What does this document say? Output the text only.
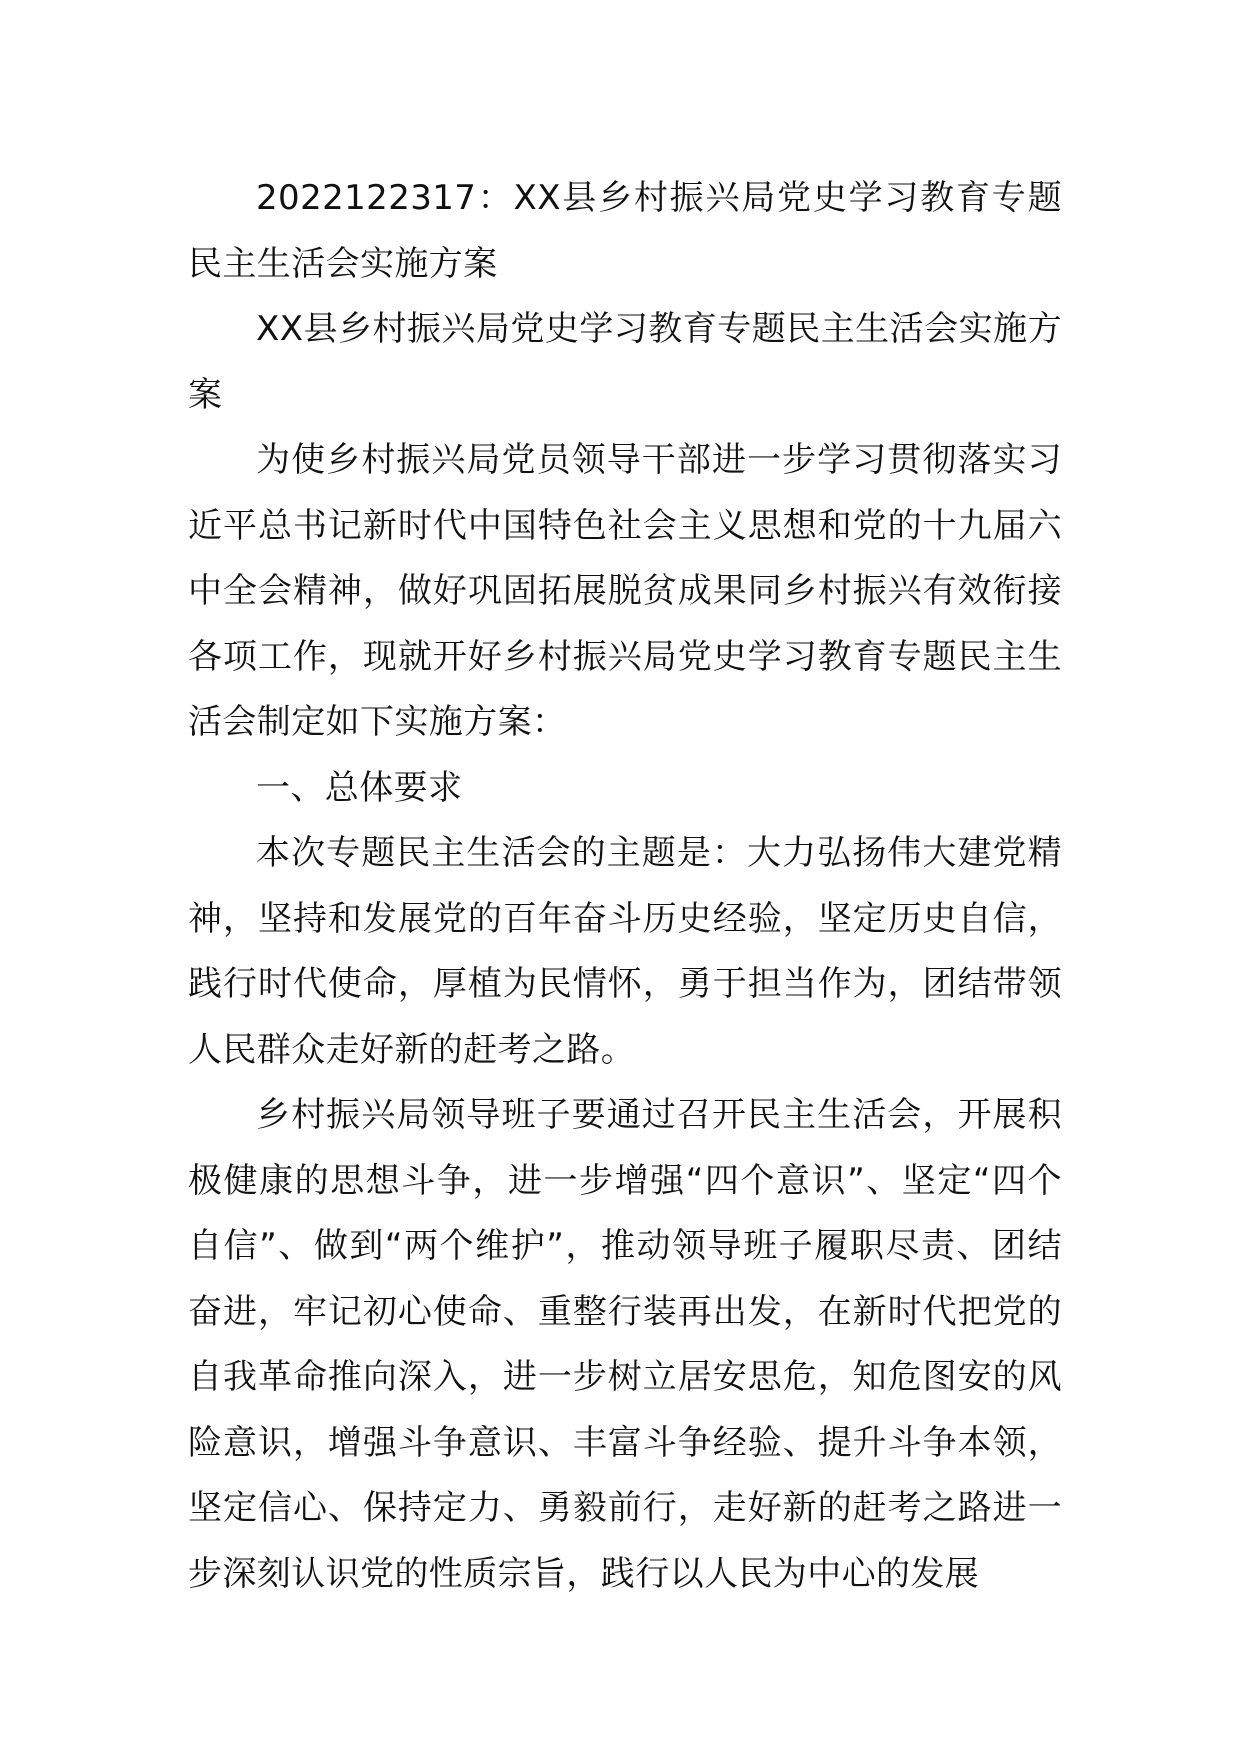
2022122317：XX县乡村振兴局党史学习教育专题民主生活会实施方案

XX县乡村振兴局党史学习教育专题民主生活会实施方案

为使乡村振兴局党员领导干部进一步学习贯彻落实习近平总书记新时代中国特色社会主义思想和党的十九届六中全会精神，做好巩固拓展脱贫成果同乡村振兴有效衔接各项工作，现就开好乡村振兴局党史学习教育专题民主生活会制定如下实施方案：

一、总体要求

本次专题民主生活会的主题是：大力弘扬伟大建党精神，坚持和发展党的百年奋斗历史经验，坚定历史自信，践行时代使命，厚植为民情怀，勇于担当作为，团结带领人民群众走好新的赶考之路。

乡村振兴局领导班子要通过召开民主生活会，开展积极健康的思想斗争，进一步增强“四个意识”、坚定“四个自信”、做到“两个维护”，推动领导班子履职尽责、团结奋进，牢记初心使命、重整行装再出发，在新时代把党的自我革命推向深入，进一步树立居安思危，知危图安的风险意识，增强斗争意识、丰富斗争经验、提升斗争本领，坚定信心、保持定力、勇毅前行，走好新的赶考之路进一步深刻认识党的性质宗旨，践行以人民为中心的发展
